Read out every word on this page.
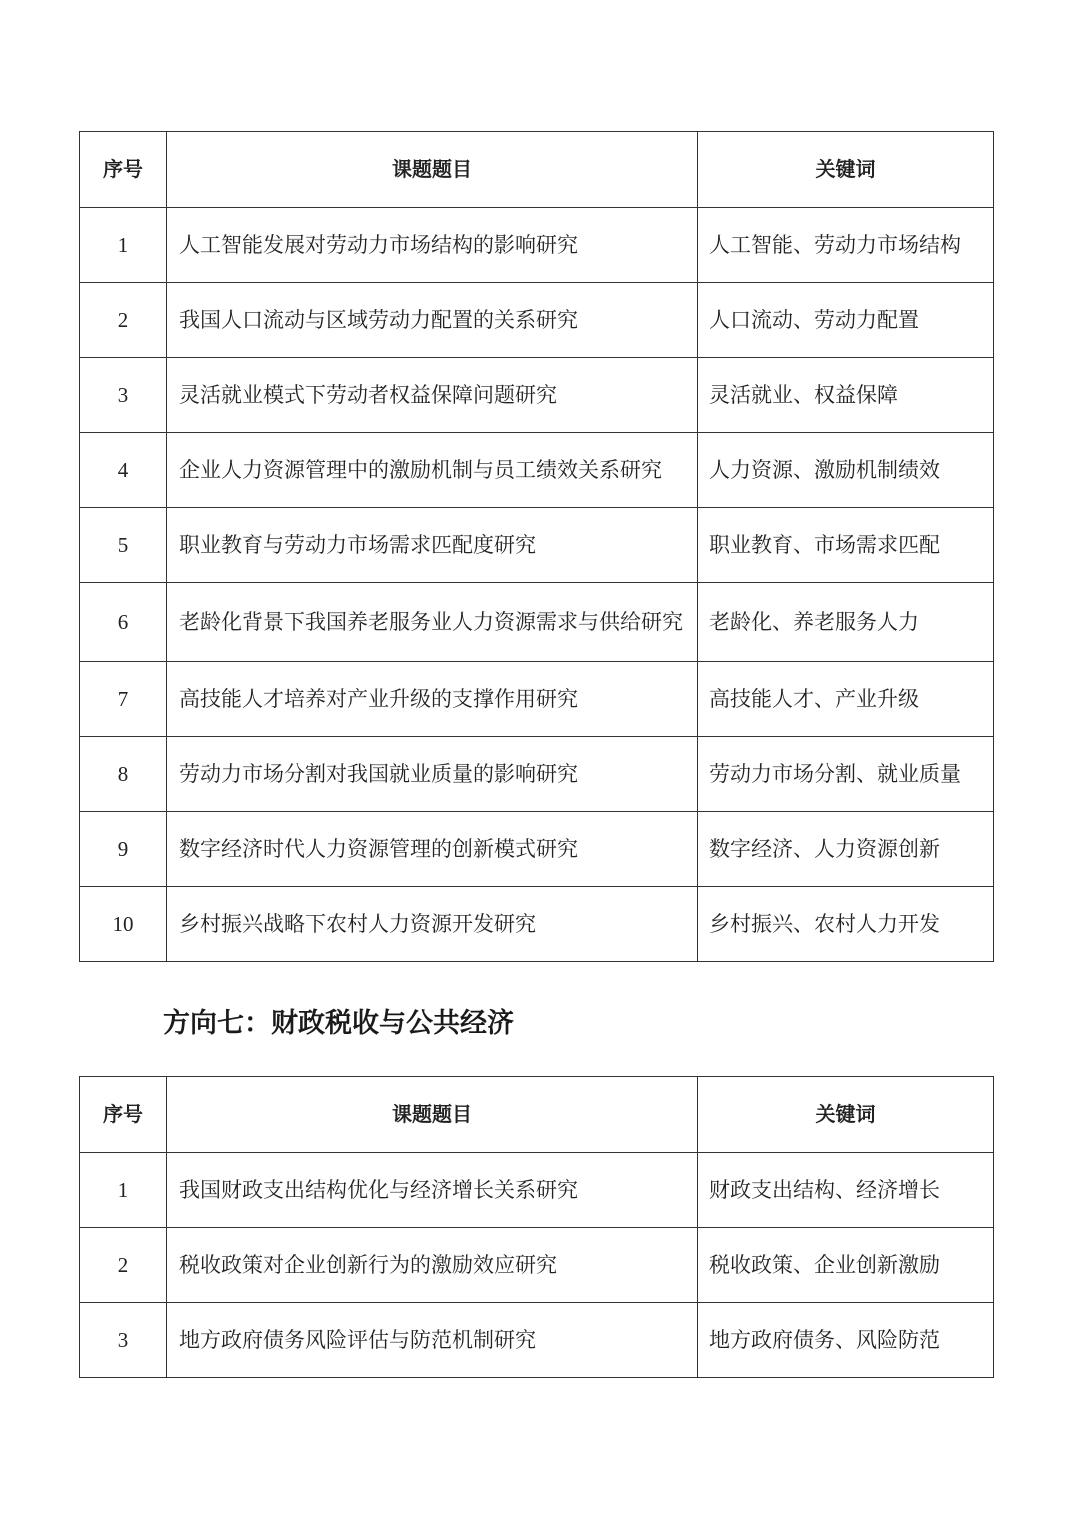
序号	课题题目	关键词
1	人工智能发展对劳动力市场结构的影响研究	人工智能、劳动力市场结构
2	我国人口流动与区域劳动力配置的关系研究	人口流动、劳动力配置
3	灵活就业模式下劳动者权益保障问题研究	灵活就业、权益保障
4	企业人力资源管理中的激励机制与员工绩效关系研究	人力资源、激励机制绩效
5	职业教育与劳动力市场需求匹配度研究	职业教育、市场需求匹配
6	老龄化背景下我国养老服务业人力资源需求与供给研究	老龄化、养老服务人力
7	高技能人才培养对产业升级的支撑作用研究	高技能人才、产业升级
8	劳动力市场分割对我国就业质量的影响研究	劳动力市场分割、就业质量
9	数字经济时代人力资源管理的创新模式研究	数字经济、人力资源创新
10	乡村振兴战略下农村人力资源开发研究	乡村振兴、农村人力开发
方向七：财政税收与公共经济
序号	课题题目	关键词
1	我国财政支出结构优化与经济增长关系研究	财政支出结构、经济增长
2	税收政策对企业创新行为的激励效应研究	税收政策、企业创新激励
3	地方政府债务风险评估与防范机制研究	地方政府债务、风险防范
